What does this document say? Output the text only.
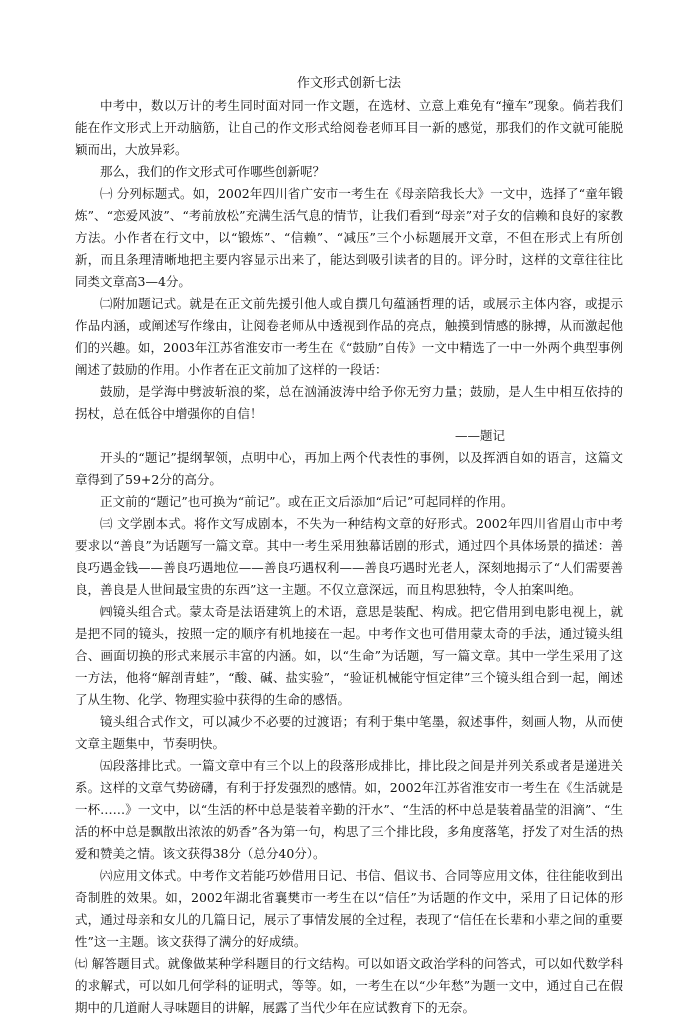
作文形式创新七法

中考中，数以万计的考生同时面对同一作文题，在选材、立意上难免有“撞车”现象。倘若我们能在作文形式上开动脑筋，让自己的作文形式给阅卷老师耳目一新的感觉，那我们的作文就可能脱颖而出，大放异彩。

那么，我们的作文形式可作哪些创新呢？

㈠ 分列标题式。如，2002年四川省广安市一考生在《母亲陪我长大》一文中，选择了“童年锻炼”、“恋爱风波”、“考前放松”充满生活气息的情节，让我们看到“母亲”对子女的信赖和良好的家教方法。小作者在行文中，以“锻炼”、“信赖”、“减压”三个小标题展开文章，不但在形式上有所创新，而且条理清晰地把主要内容显示出来了，能达到吸引读者的目的。评分时，这样的文章往往比同类文章高3—4分。

㈡附加题记式。就是在正文前先援引他人或自撰几句蕴涵哲理的话，或展示主体内容，或提示作品内涵，或阐述写作缘由，让阅卷老师从中透视到作品的亮点，触摸到情感的脉搏，从而激起他们的兴趣。如，2003年江苏省淮安市一考生在《“鼓励”自传》一文中精选了一中一外两个典型事例阐述了鼓励的作用。小作者在正文前加了这样的一段话：

鼓励，是学海中劈波斩浪的桨，总在汹涌波涛中给予你无穷力量；鼓励，是人生中相互依持的拐杖，总在低谷中增强你的自信！

——题记

开头的“题记”提纲挈领，点明中心，再加上两个代表性的事例，以及挥洒自如的语言，这篇文章得到了59+2分的高分。

正文前的“题记”也可换为“前记”。或在正文后添加“后记”可起同样的作用。

㈢ 文学剧本式。将作文写成剧本，不失为一种结构文章的好形式。2002年四川省眉山市中考要求以“善良”为话题写一篇文章。其中一考生采用独幕话剧的形式，通过四个具体场景的描述：善良巧遇金钱——善良巧遇地位——善良巧遇权利——善良巧遇时光老人，深刻地揭示了“人们需要善良，善良是人世间最宝贵的东西”这一主题。不仅立意深远，而且构思独特，令人拍案叫绝。

㈣镜头组合式。蒙太奇是法语建筑上的术语，意思是装配、构成。把它借用到电影电视上，就是把不同的镜头，按照一定的顺序有机地接在一起。中考作文也可借用蒙太奇的手法，通过镜头组合、画面切换的形式来展示丰富的内涵。如，以“生命”为话题，写一篇文章。其中一学生采用了这一方法，他将“解剖青蛙”，“酸、碱、盐实验”，“验证机械能守恒定律”三个镜头组合到一起，阐述了从生物、化学、物理实验中获得的生命的感悟。

镜头组合式作文，可以减少不必要的过渡语；有利于集中笔墨，叙述事件，刻画人物，从而使文章主题集中，节奏明快。

㈤段落排比式。一篇文章中有三个以上的段落形成排比，排比段之间是并列关系或者是递进关系。这样的文章气势磅礴，有利于抒发强烈的感情。如，2002年江苏省淮安市一考生在《生活就是一杯……》一文中，以“生活的杯中总是装着辛勤的汗水”、“生活的杯中总是装着晶莹的泪滴”、“生活的杯中总是飘散出浓浓的奶香”各为第一句，构思了三个排比段，多角度落笔，抒发了对生活的热爱和赞美之情。该文获得38分（总分40分）。

㈥应用文体式。中考作文若能巧妙借用日记、书信、倡议书、合同等应用文体，往往能收到出奇制胜的效果。如，2002年湖北省襄樊市一考生在以“信任”为话题的作文中，采用了日记体的形式，通过母亲和女儿的几篇日记，展示了事情发展的全过程，表现了“信任在长辈和小辈之间的重要性”这一主题。该文获得了满分的好成绩。

㈦ 解答题目式。就像做某种学科题目的行文结构。可以如语文政治学科的问答式，可以如代数学科的求解式，可以如几何学科的证明式，等等。如，一考生在以“少年愁”为题一文中，通过自己在假期中的几道耐人寻味题目的讲解，展露了当代少年在应试教育下的无奈。
